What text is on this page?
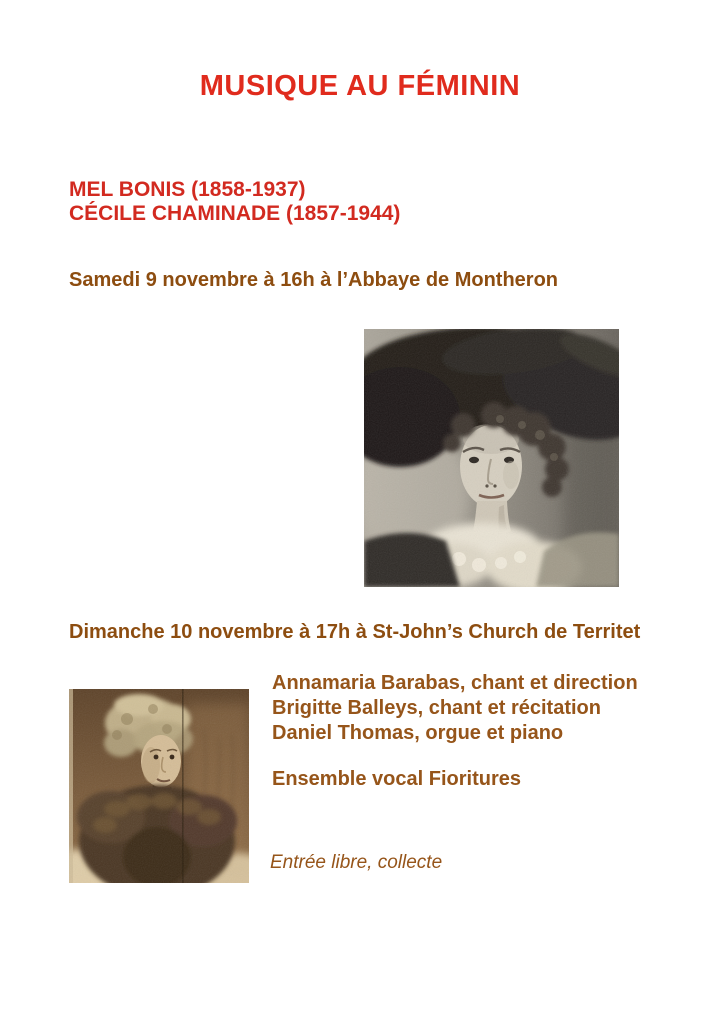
MUSIQUE AU FÉMININ
MEL BONIS (1858-1937)
CÉCILE CHAMINADE (1857-1944)
Samedi 9 novembre à 16h à l’Abbaye de Montheron
Dimanche 10 novembre à 17h à St-John’s Church de Territet
Annamaria Barabas, chant et direction
Brigitte Balleys, chant et récitation
Daniel Thomas, orgue et piano
Ensemble vocal Fioritures
Entrée libre, collecte
